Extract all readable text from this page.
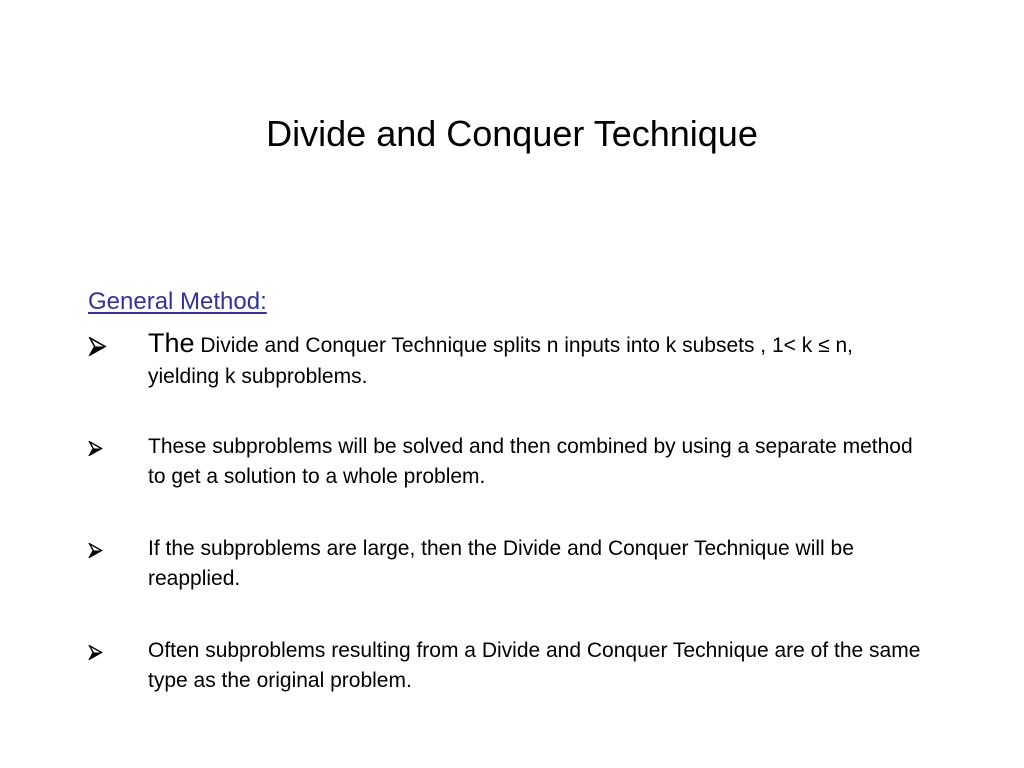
Divide and Conquer Technique
General Method:
The Divide and Conquer Technique splits n inputs into k subsets , 1< k ≤ n, yielding k subproblems.
These subproblems will be solved and then combined by using a separate method to get a solution to a whole problem.
If the subproblems are large, then the Divide and Conquer Technique will be reapplied.
Often subproblems resulting from a Divide and Conquer Technique are of the same type as the original problem.
